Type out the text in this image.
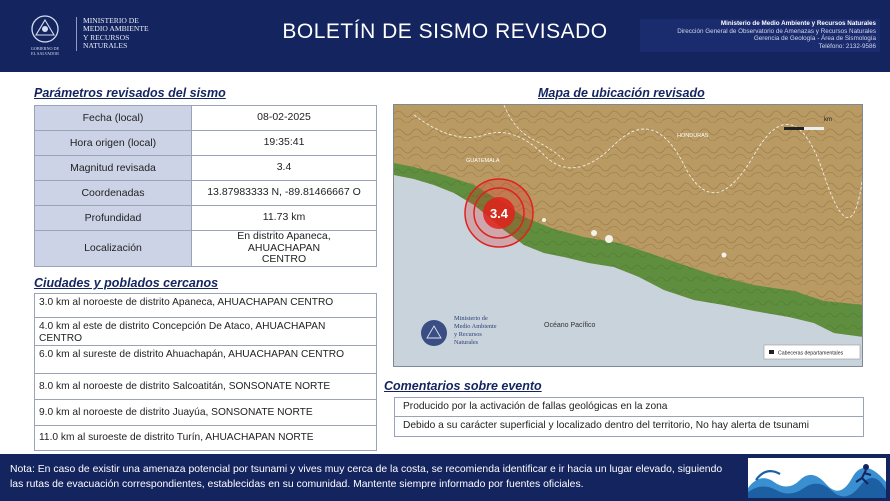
GOBIERNO DE
EL SALVADOR
MINISTERIO DE
MEDIO AMBIENTE
Y RECURSOS
NATURALES
BOLETÍN DE SISMO REVISADO	Ministerio de Medio Ambiente y Recursos Naturales
Dirección General de Observatorio de Amenazas y Recursos Naturales
Gerencia de Geología - Área de Sismología
Teléfono: 2132-9586
Parámetros revisados del sismo
Fecha (local)	08-02-2025
Hora origen (local)	19:35:41
Magnitud revisada	3.4
Coordenadas	13.87983333 N, -89.81466667 O
Profundidad	11.73 km
Localización	En distrito Apaneca, AHUACHAPAN CENTRO
Ciudades y poblados cercanos
3.0 km al noroeste de distrito Apaneca, AHUACHAPAN CENTRO
4.0 km al este de distrito Concepción De Ataco, AHUACHAPAN CENTRO
6.0 km al sureste de distrito Ahuachapán, AHUACHAPAN CENTRO
8.0 km al noroeste de distrito Salcoatitán, SONSONATE NORTE
9.0 km al noroeste de distrito Juayúa, SONSONATE NORTE
11.0 km al suroeste de distrito Turín, AHUACHAPAN NORTE
Mapa de ubicación revisado
3.4
GUATEMALA
HONDURAS
Océano Pacífico
km
Ministerio de
Medio Ambiente
y Recursos
Naturales
Cabeceras departamentales
Comentarios sobre evento
Producido por la activación de fallas geológicas en la zona
Debido a su carácter superficial y localizado dentro del territorio, No hay alerta de tsunami
Nota: En caso de existir una amenaza potencial por tsunami y vives muy cerca de la costa, se recomienda identificar e ir hacia un lugar elevado, siguiendo las rutas de evacuación correspondientes, establecidas en su comunidad. Mantente siempre informado por fuentes oficiales.
